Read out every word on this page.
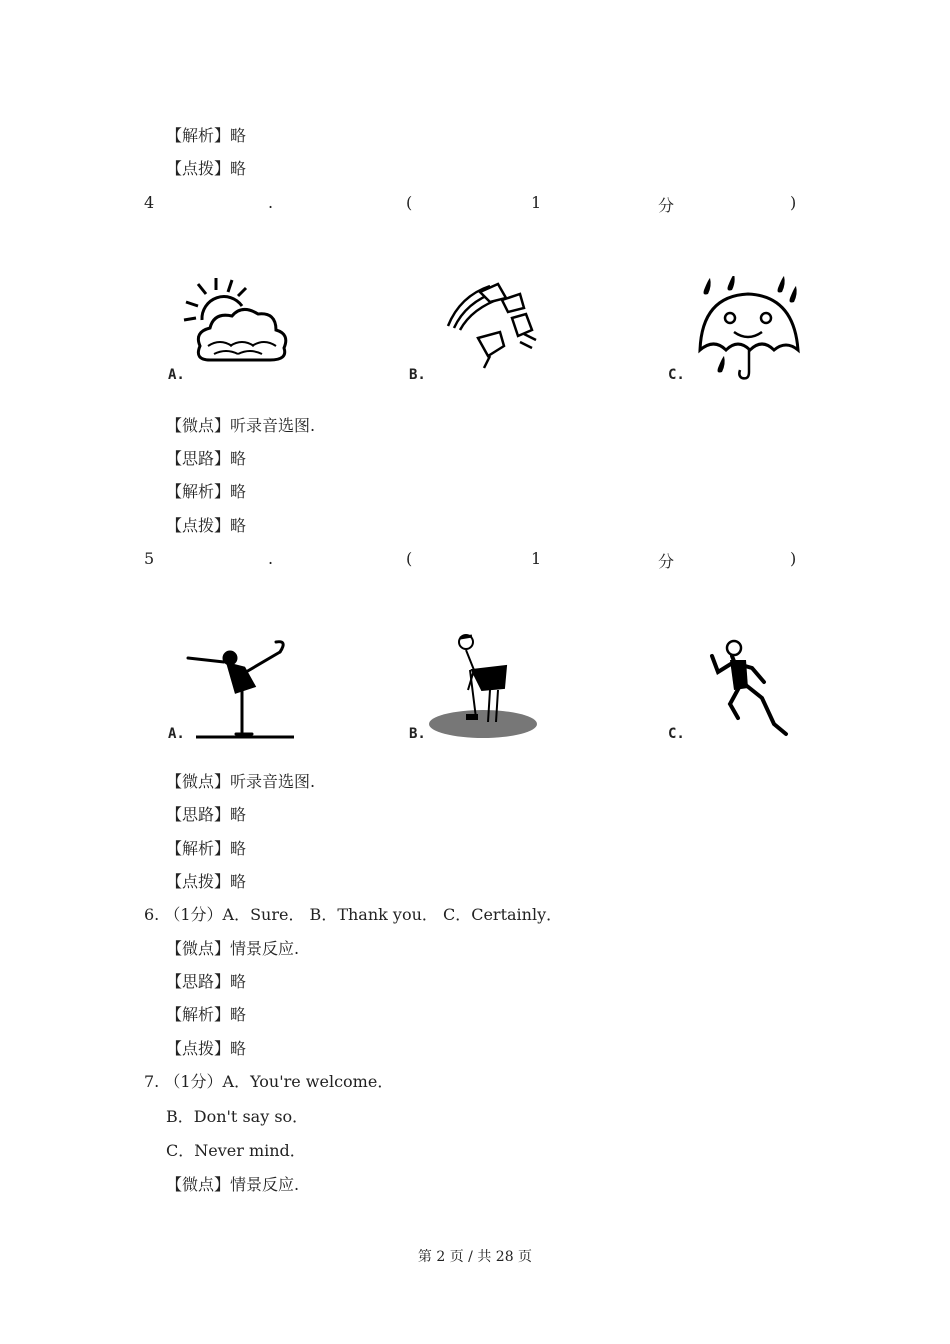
【解析】略
【点拨】略
4	.	(	1	分	)
A.	B.	C.
【微点】听录音选图.
【思路】略
【解析】略
【点拨】略
5	.	(	1	分	)
A.	B.	C.
【微点】听录音选图.
【思路】略
【解析】略
【点拨】略
6. （1分）A．Sure． B．Thank you． C．Certainly．
【微点】情景反应.
【思路】略
【解析】略
【点拨】略
7. （1分）A．You're welcome．
B．Don't say so．
C．Never mind．
【微点】情景反应.
第 2 页 / 共 28 页
